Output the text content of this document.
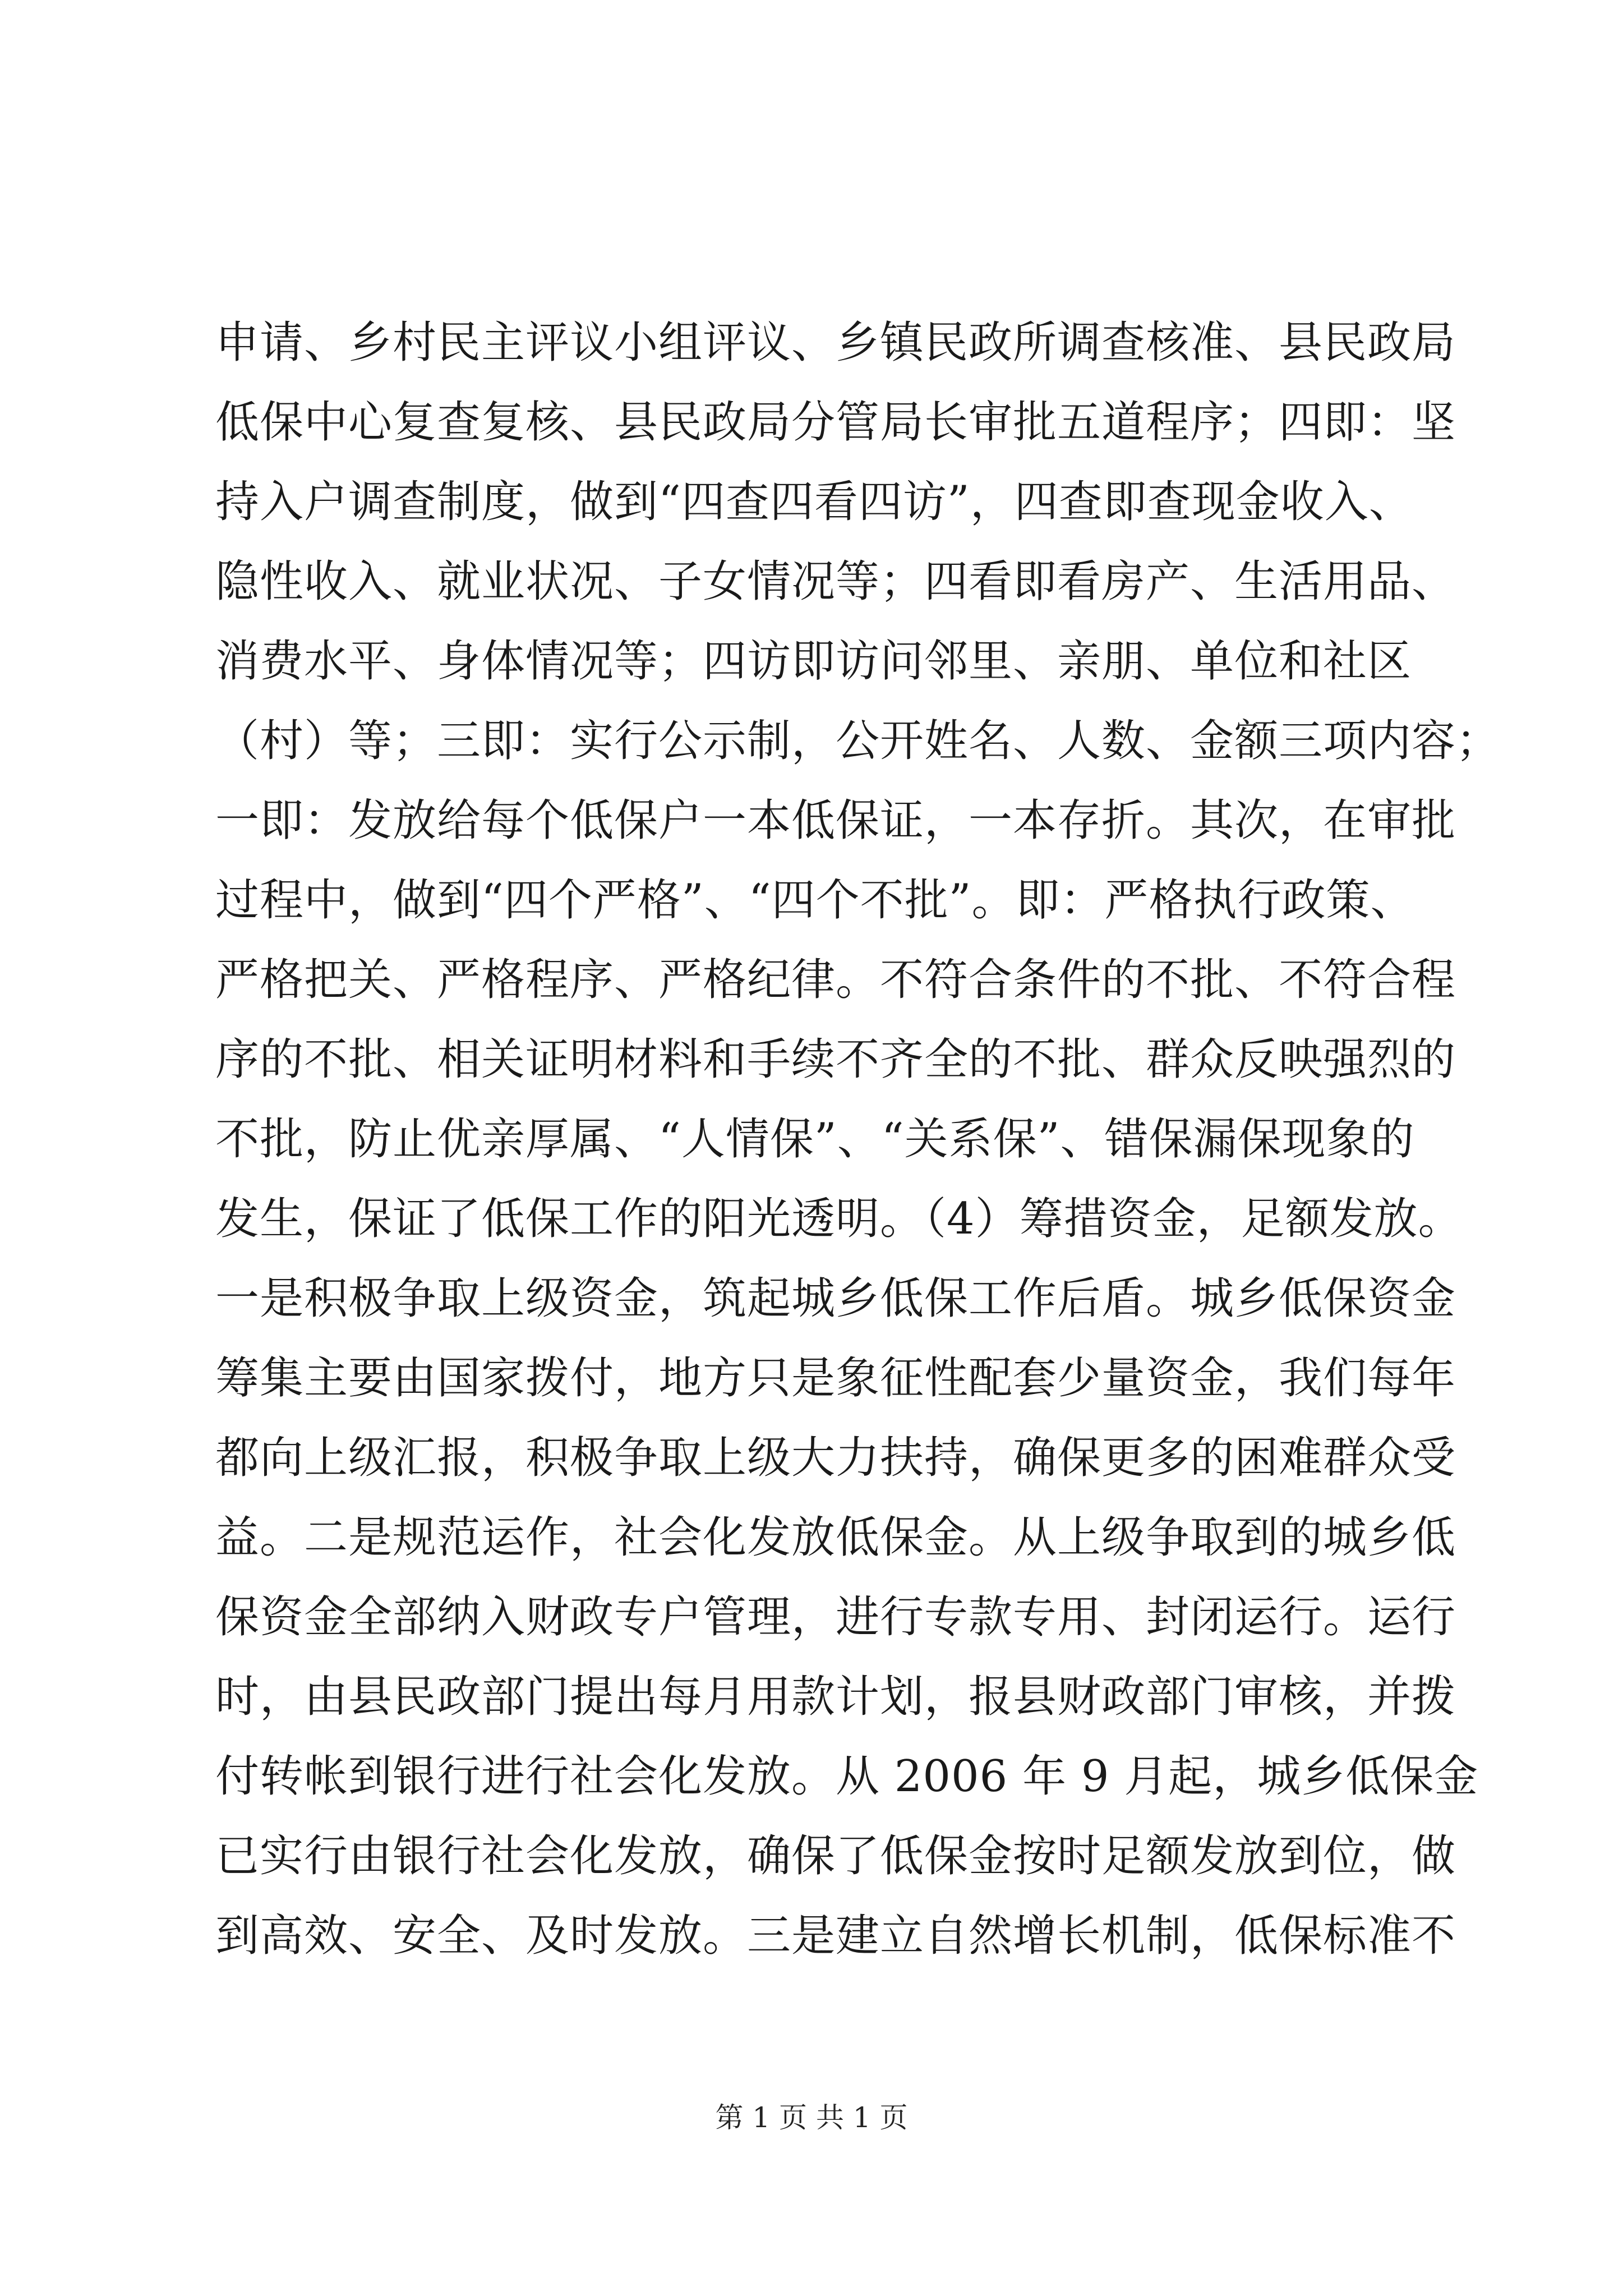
申请、乡村民主评议小组评议、乡镇民政所调查核准、县民政局
低保中心复查复核、县民政局分管局长审批五道程序；四即：坚
持入户调查制度，做到“四查四看四访”，四查即查现金收入、
隐性收入、就业状况、子女情况等；四看即看房产、生活用品、
消费水平、身体情况等；四访即访问邻里、亲朋、单位和社区
（村）等；三即：实行公示制，公开姓名、人数、金额三项内容；
一即：发放给每个低保户一本低保证，一本存折。其次，在审批
过程中，做到“四个严格”、“四个不批”。即：严格执行政策、
严格把关、严格程序、严格纪律。不符合条件的不批、不符合程
序的不批、相关证明材料和手续不齐全的不批、群众反映强烈的
不批，防止优亲厚属、“人情保”、“关系保”、错保漏保现象的
发生，保证了低保工作的阳光透明。（4）筹措资金，足额发放。
一是积极争取上级资金，筑起城乡低保工作后盾。城乡低保资金
筹集主要由国家拨付，地方只是象征性配套少量资金，我们每年
都向上级汇报，积极争取上级大力扶持，确保更多的困难群众受
益。二是规范运作，社会化发放低保金。从上级争取到的城乡低
保资金全部纳入财政专户管理，进行专款专用、封闭运行。运行
时，由县民政部门提出每月用款计划，报县财政部门审核，并拨
付转帐到银行进行社会化发放。从 2006 年 9 月起，城乡低保金
已实行由银行社会化发放，确保了低保金按时足额发放到位，做
到高效、安全、及时发放。三是建立自然增长机制，低保标准不
第 1 页 共 1 页
